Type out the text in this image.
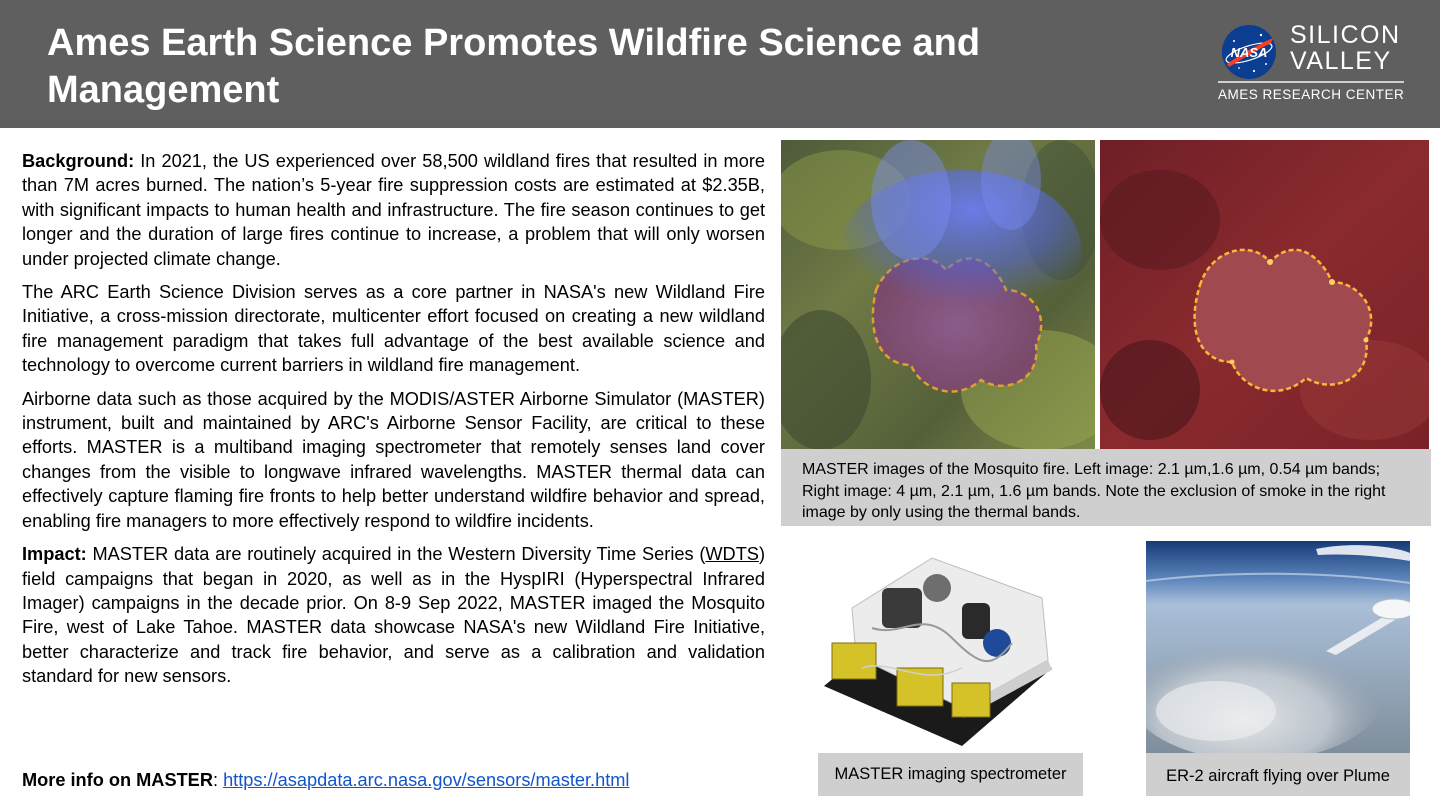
Ames Earth Science Promotes Wildfire Science and Management
NASA
SILICON
VALLEY
AMES RESEARCH CENTER

Background: In 2021, the US experienced over 58,500 wildland fires that resulted in more than 7M acres burned. The nation’s 5-year fire suppression costs are estimated at $2.35B, with significant impacts to human health and infrastructure. The fire season continues to get longer and the duration of large fires continue to increase, a problem that will only worsen under projected climate change.

The ARC Earth Science Division serves as a core partner in NASA's new Wildland Fire Initiative, a cross-mission directorate, multicenter effort focused on creating a new wildland fire management paradigm that takes full advantage of the best available science and technology to overcome current barriers in wildland fire management.

Airborne data such as those acquired by the MODIS/ASTER Airborne Simulator (MASTER) instrument, built and maintained by ARC's Airborne Sensor Facility, are critical to these efforts. MASTER is a multiband imaging spectrometer that remotely senses land cover changes from the visible to longwave infrared wavelengths. MASTER thermal data can effectively capture flaming fire fronts to help better understand wildfire behavior and spread, enabling fire managers to more effectively respond to wildfire incidents.

Impact: MASTER data are routinely acquired in the Western Diversity Time Series (WDTS) field campaigns that began in 2020, as well as in the HyspIRI (Hyperspectral Infrared Imager) campaigns in the decade prior. On 8-9 Sep 2022, MASTER imaged the Mosquito Fire, west of Lake Tahoe. MASTER data showcase NASA's new Wildland Fire Initiative, better characterize and track fire behavior, and serve as a calibration and validation standard for new sensors.

More info on MASTER: https://asapdata.arc.nasa.gov/sensors/master.html
MASTER images of the Mosquito fire. Left image: 2.1 µm,1.6 µm, 0.54 µm bands; Right image: 4 µm, 2.1 µm, 1.6 µm bands. Note the exclusion of smoke in the right image by only using the thermal bands.
MASTER imaging spectrometer	ER-2 aircraft flying over Plume
